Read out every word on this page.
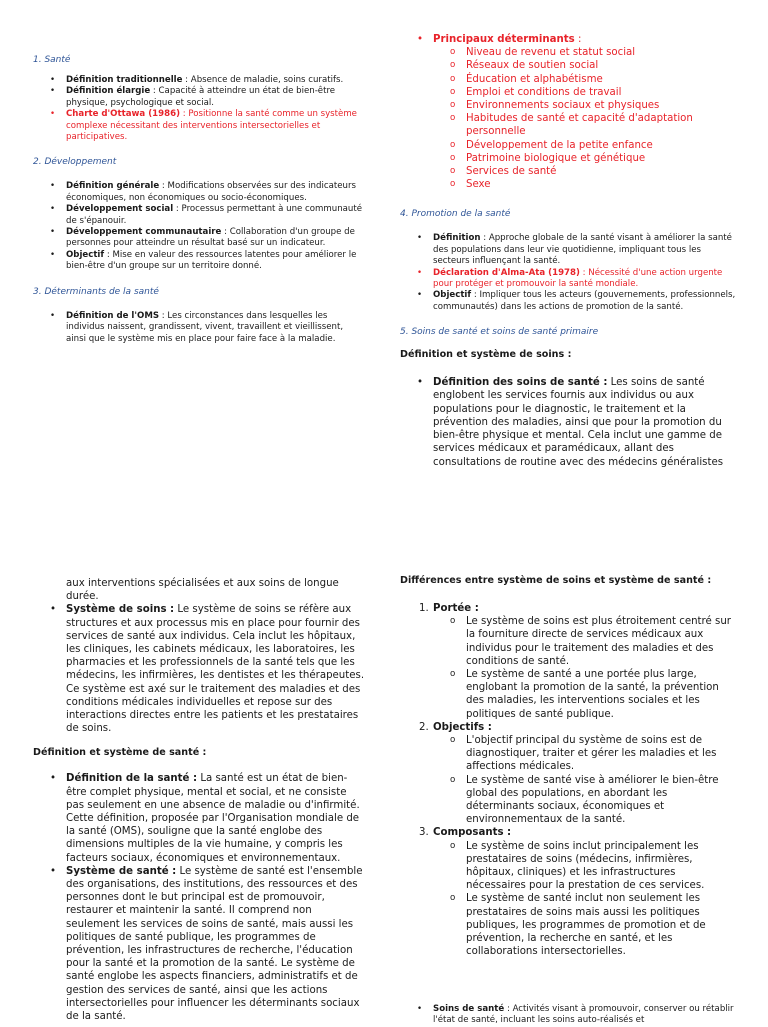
1. Santé

• Définition traditionnelle : Absence de maladie, soins curatifs.
• Définition élargie : Capacité à atteindre un état de bien-être physique, psychologique et social.
• Charte d'Ottawa (1986) : Positionne la santé comme un système complexe nécessitant des interventions intersectorielles et participatives.

2. Développement

• Définition générale : Modifications observées sur des indicateurs économiques, non économiques ou socio-économiques.
• Développement social : Processus permettant à une communauté de s'épanouir.
• Développement communautaire : Collaboration d'un groupe de personnes pour atteindre un résultat basé sur un indicateur.
• Objectif : Mise en valeur des ressources latentes pour améliorer le bien-être d'un groupe sur un territoire donné.

3. Déterminants de la santé

• Définition de l'OMS : Les circonstances dans lesquelles les individus naissent, grandissent, vivent, travaillent et vieillissent, ainsi que le système mis en place pour faire face à la maladie.
• Principaux déterminants :
o Niveau de revenu et statut social
o Réseaux de soutien social
o Éducation et alphabétisme
o Emploi et conditions de travail
o Environnements sociaux et physiques
o Habitudes de santé et capacité d'adaptation personnelle
o Développement de la petite enfance
o Patrimoine biologique et génétique
o Services de santé
o Sexe

4. Promotion de la santé

• Définition : Approche globale de la santé visant à améliorer la santé des populations dans leur vie quotidienne, impliquant tous les secteurs influençant la santé.
• Déclaration d'Alma-Ata (1978) : Nécessité d'une action urgente pour protéger et promouvoir la santé mondiale.
• Objectif : Impliquer tous les acteurs (gouvernements, professionnels, communautés) dans les actions de promotion de la santé.

5. Soins de santé et soins de santé primaire

Définition et système de soins :

• Définition des soins de santé : Les soins de santé englobent les services fournis aux individus ou aux populations pour le diagnostic, le traitement et la prévention des maladies, ainsi que pour la promotion du bien-être physique et mental. Cela inclut une gamme de services médicaux et paramédicaux, allant des consultations de routine avec des médecins généralistes
aux interventions spécialisées et aux soins de longue durée.
• Système de soins : Le système de soins se réfère aux structures et aux processus mis en place pour fournir des services de santé aux individus. Cela inclut les hôpitaux, les cliniques, les cabinets médicaux, les laboratoires, les pharmacies et les professionnels de la santé tels que les médecins, les infirmières, les dentistes et les thérapeutes. Ce système est axé sur le traitement des maladies et des conditions médicales individuelles et repose sur des interactions directes entre les patients et les prestataires de soins.

Définition et système de santé :

• Définition de la santé : La santé est un état de bien-être complet physique, mental et social, et ne consiste pas seulement en une absence de maladie ou d'infirmité. Cette définition, proposée par l'Organisation mondiale de la santé (OMS), souligne que la santé englobe des dimensions multiples de la vie humaine, y compris les facteurs sociaux, économiques et environnementaux.
• Système de santé : Le système de santé est l'ensemble des organisations, des institutions, des ressources et des personnes dont le but principal est de promouvoir, restaurer et maintenir la santé. Il comprend non seulement les services de soins de santé, mais aussi les politiques de santé publique, les programmes de prévention, les infrastructures de recherche, l'éducation pour la santé et la promotion de la santé. Le système de santé englobe les aspects financiers, administratifs et de gestion des services de santé, ainsi que les actions intersectorielles pour influencer les déterminants sociaux de la santé.

Différences entre système de soins et système de santé :

1. Portée :
o Le système de soins est plus étroitement centré sur la fourniture directe de services médicaux aux individus pour le traitement des maladies et des conditions de santé.
o Le système de santé a une portée plus large, englobant la promotion de la santé, la prévention des maladies, les interventions sociales et les politiques de santé publique.
2. Objectifs :
o L'objectif principal du système de soins est de diagnostiquer, traiter et gérer les maladies et les affections médicales.
o Le système de santé vise à améliorer le bien-être global des populations, en abordant les déterminants sociaux, économiques et environnementaux de la santé.
3. Composants :
o Le système de soins inclut principalement les prestataires de soins (médecins, infirmières, hôpitaux, cliniques) et les infrastructures nécessaires pour la prestation de ces services.
o Le système de santé inclut non seulement les prestataires de soins mais aussi les politiques publiques, les programmes de promotion et de prévention, la recherche en santé, et les collaborations intersectorielles.
• Soins de santé : Activités visant à promouvoir, conserver ou rétablir l'état de santé, incluant les soins auto-réalisés et
